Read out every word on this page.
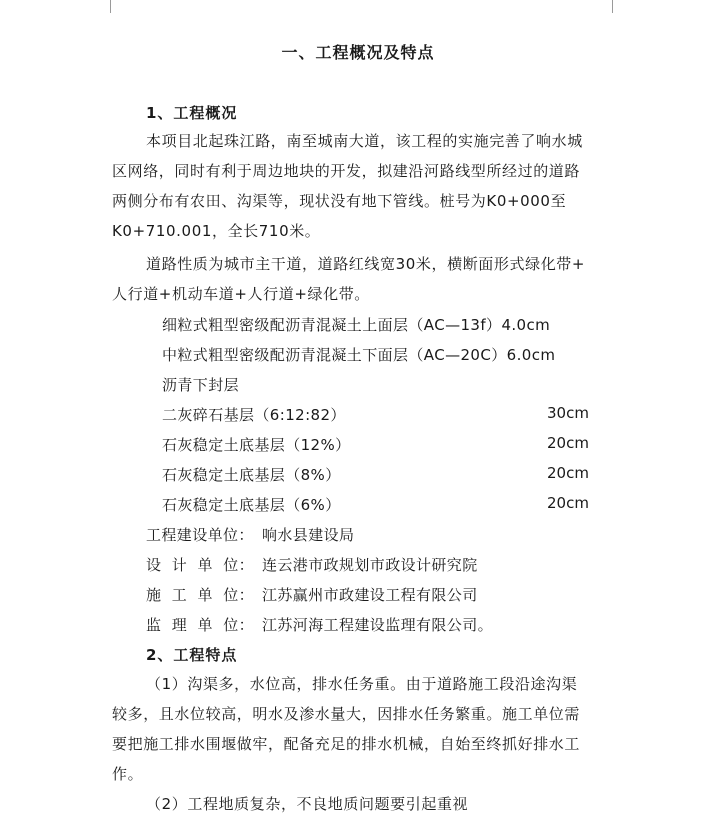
一、工程概况及特点
1、工程概况
本项目北起珠江路，南至城南大道，该工程的实施完善了响水城
区网络，同时有利于周边地块的开发，拟建沿河路线型所经过的道路
两侧分布有农田、沟渠等，现状没有地下管线。桩号为K0+000至
K0+710.001，全长710米。
道路性质为城市主干道，道路红线宽30米，横断面形式绿化带+
人行道+机动车道+人行道+绿化带。
细粒式粗型密级配沥青混凝土上面层（AC—13f）4.0cm
中粒式粗型密级配沥青混凝土下面层（AC—20C）6.0cm
沥青下封层
二灰碎石基层（6:12:82）	30cm
石灰稳定土底基层（12%）	20cm
石灰稳定土底基层（8%）	20cm
石灰稳定土底基层（6%）	20cm
工程建设单位： 响水县建设局
设  计  单  位： 连云港市政规划市政设计研究院
施  工  单  位： 江苏赢州市政建设工程有限公司
监  理  单  位： 江苏河海工程建设监理有限公司。
2、工程特点
（1）沟渠多，水位高，排水任务重。由于道路施工段沿途沟渠
较多，且水位较高，明水及渗水量大，因排水任务繁重。施工单位需
要把施工排水围堰做牢，配备充足的排水机械，自始至终抓好排水工
作。
（2）工程地质复杂，不良地质问题要引起重视
